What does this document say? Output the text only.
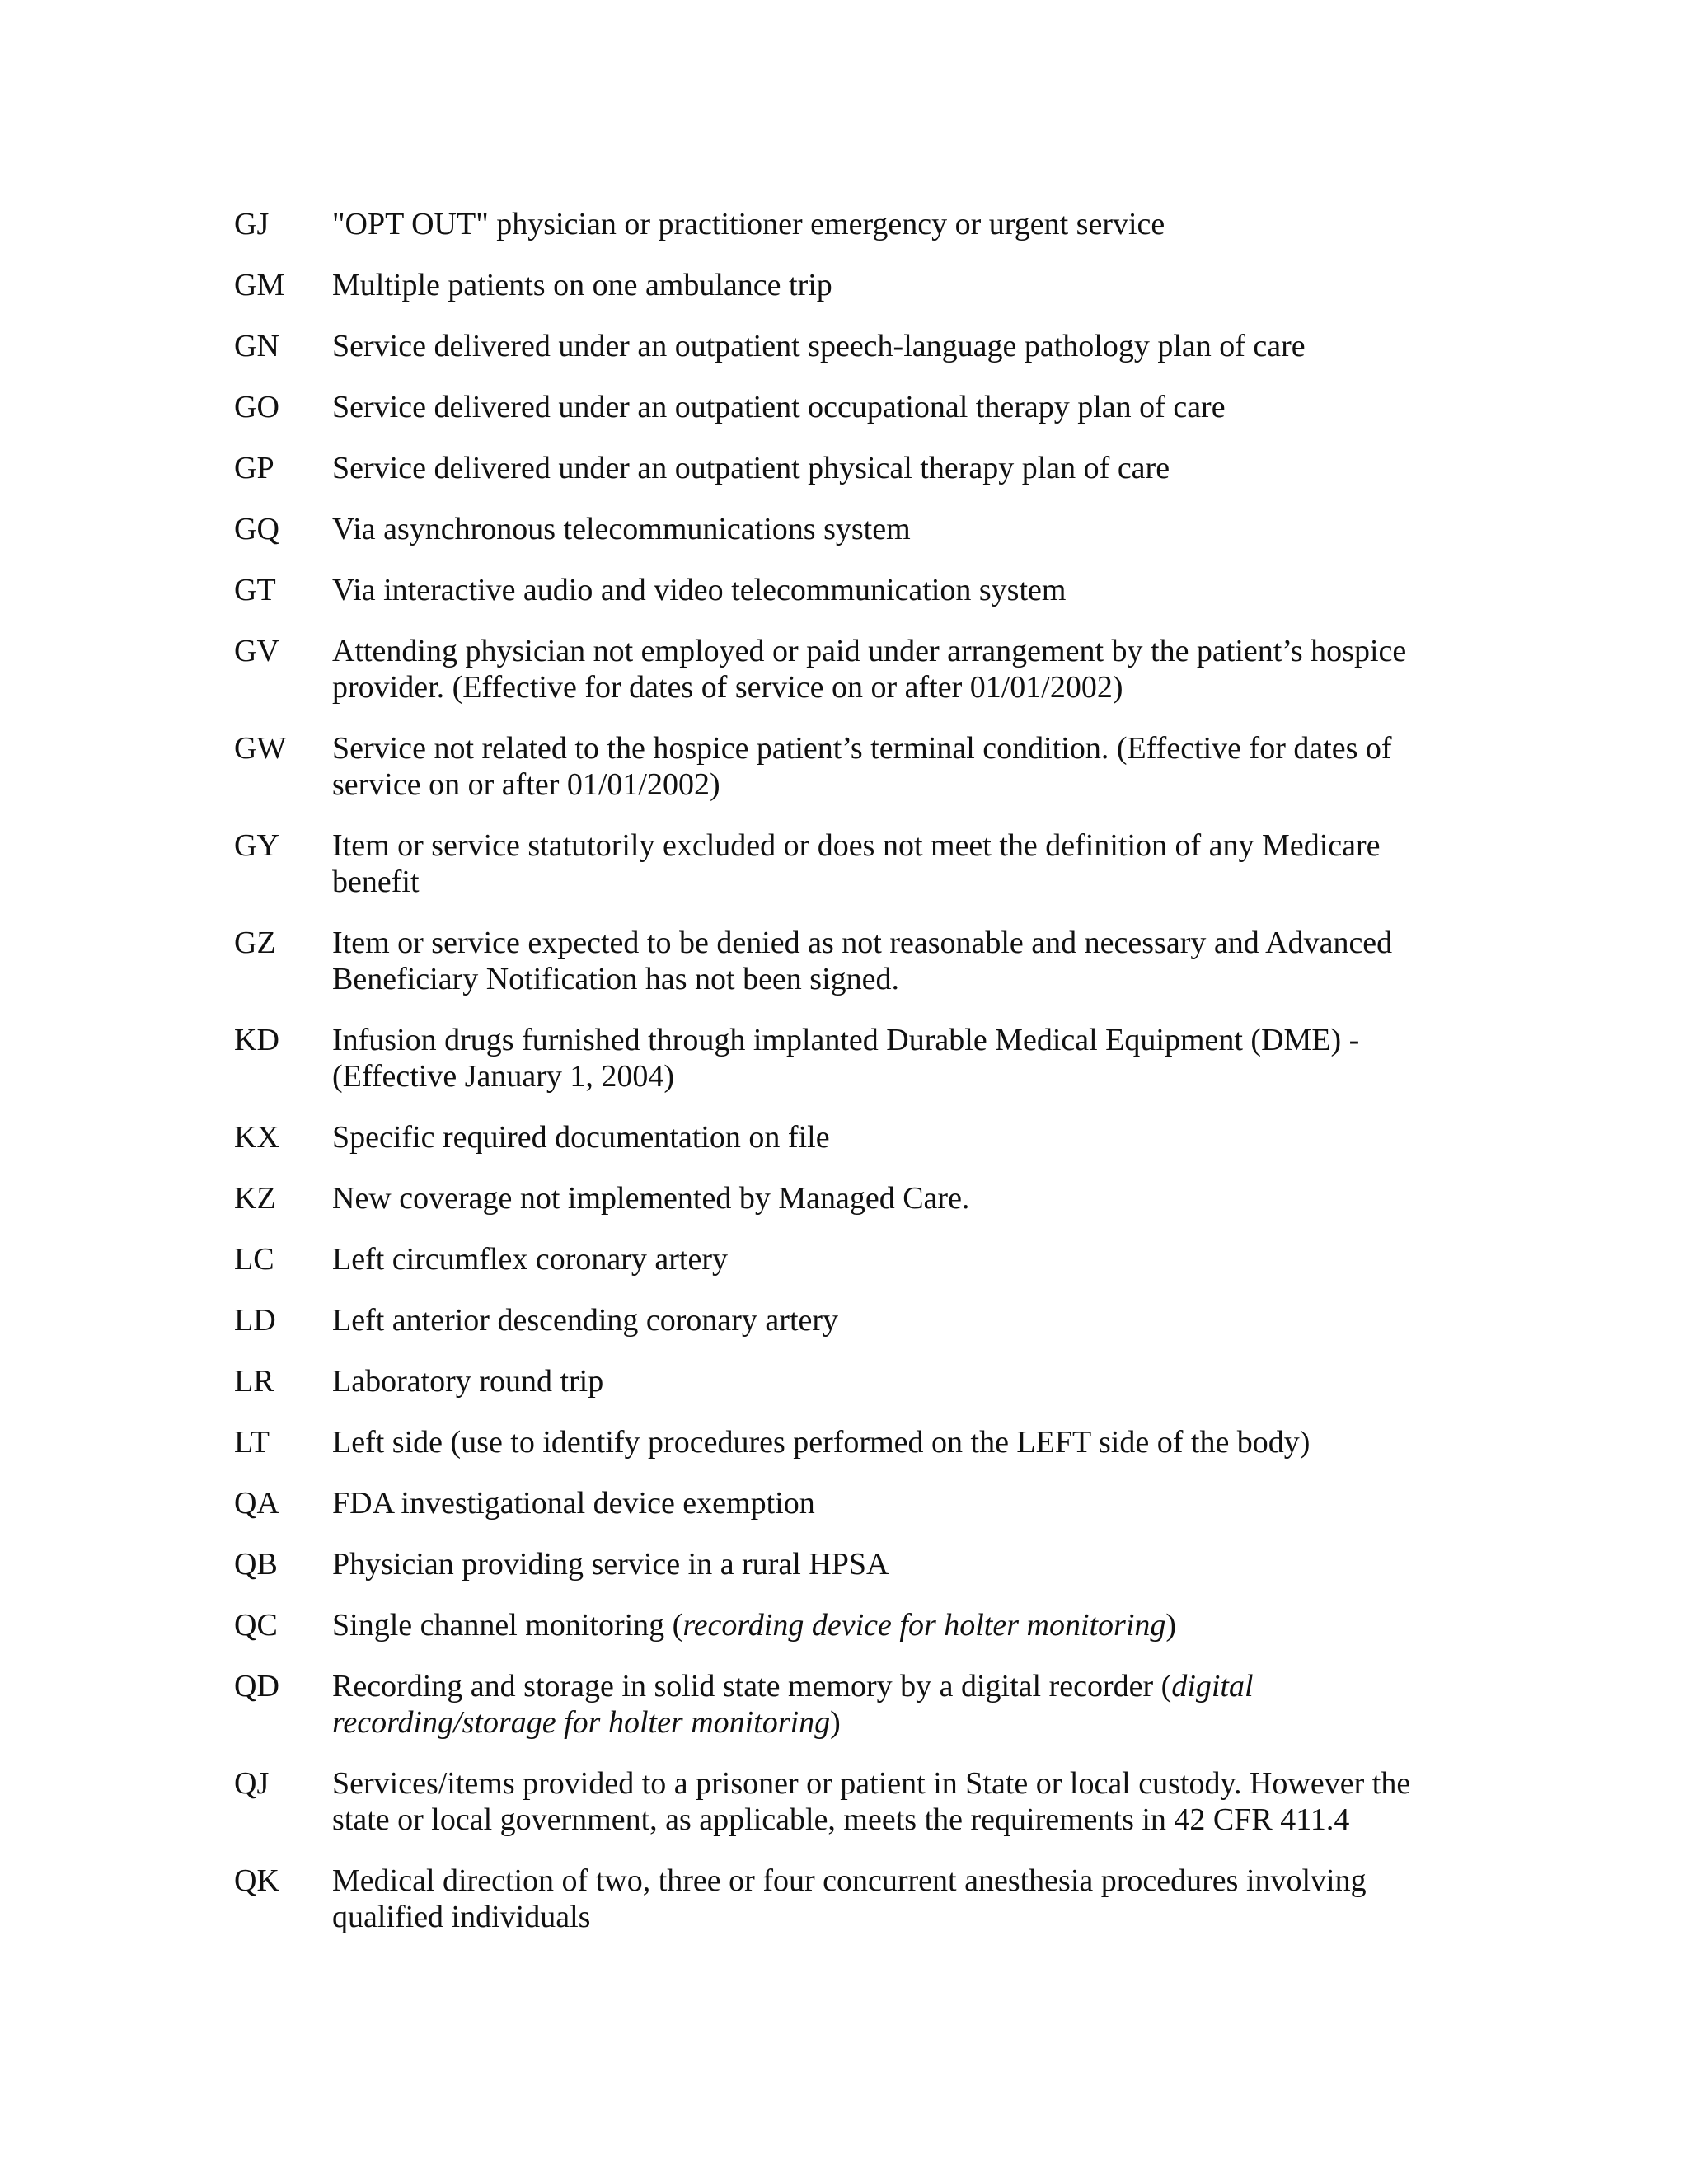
GJ	"OPT OUT" physician or practitioner emergency or urgent service
GM	Multiple patients on one ambulance trip
GN	Service delivered under an outpatient speech-language pathology plan of care
GO	Service delivered under an outpatient occupational therapy plan of care
GP	Service delivered under an outpatient physical therapy plan of care
GQ	Via asynchronous telecommunications system
GT	Via interactive audio and video telecommunication system
GV	Attending physician not employed or paid under arrangement by the patient’s hospice provider. (Effective for dates of service on or after 01/01/2002)
GW	Service not related to the hospice patient’s terminal condition. (Effective for dates of service on or after 01/01/2002)
GY	Item or service statutorily excluded or does not meet the definition of any Medicare benefit
GZ	Item or service expected to be denied as not reasonable and necessary and Advanced Beneficiary Notification has not been signed.
KD	Infusion drugs furnished through implanted Durable Medical Equipment (DME) - (Effective January 1, 2004)
KX	Specific required documentation on file
KZ	New coverage not implemented by Managed Care.
LC	Left circumflex coronary artery
LD	Left anterior descending coronary artery
LR	Laboratory round trip
LT	Left side (use to identify procedures performed on the LEFT side of the body)
QA	FDA investigational device exemption
QB	Physician providing service in a rural HPSA
QC	Single channel monitoring (recording device for holter monitoring)
QD	Recording and storage in solid state memory by a digital recorder (digital recording/storage for holter monitoring)
QJ	Services/items provided to a prisoner or patient in State or local custody. However the state or local government, as applicable, meets the requirements in 42 CFR 411.4
QK	Medical direction of two, three or four concurrent anesthesia procedures involving qualified individuals
